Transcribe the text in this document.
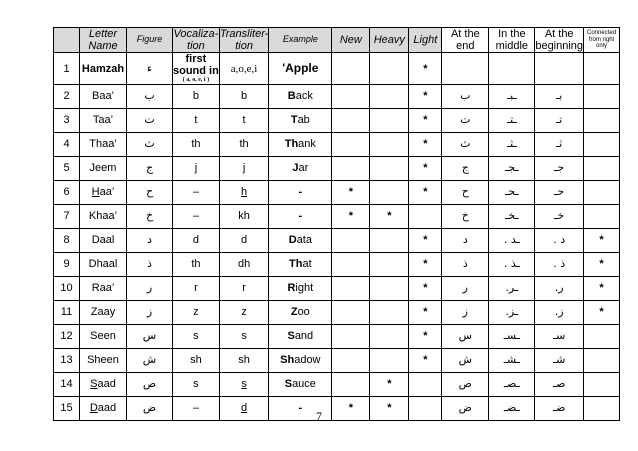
	Letter Name	Figure	Vocaliza-tion	Transliter-tion	Example	New	Heavy	Light	At the end	In the middle	At the beginning	Connected from right only
1	Hamzah	ء	first
sound in
( a, o, e, i )	a,o,e,i	'Apple			*				
2	Baa’	ب	b	b	Back			*	ب	ـبـ	بـ	
3	Taa’	ت	t	t	Tab			*	ت	ـتـ	تـ	
4	Thaa’	ث	th	th	Thank			*	ث	ـثـ	ثـ	
5	Jeem	ج	j	j	Jar			*	ج	ـجـ	جـ	
6	Haa’	ح	–	h	-	*		*	ح	ـحـ	حـ	
7	Khaa’	خ	–	kh	-	*	*		خ	ـخـ	خـ	
8	Daal	د	d	d	Data			*	د	ـد .	د .	*
9	Dhaal	ذ	th	dh	That			*	ذ	ـذ .	ذ .	*
10	Raa’	ر	r	r	Right			*	ر	ـر.	ر.	*
11	Zaay	ز	z	z	Zoo			*	ز	ـز.	ز.	*
12	Seen	س	s	s	Sand			*	س	ـسـ	سـ	
13	Sheen	ش	sh	sh	Shadow			*	ش	ـشـ	شـ	
14	Saad	ص	s	s	Sauce		*		ص	ـصـ	صـ	
15	Daad	ض	–	d	-	*	*		ض	ـضـ	ضـ	
7
